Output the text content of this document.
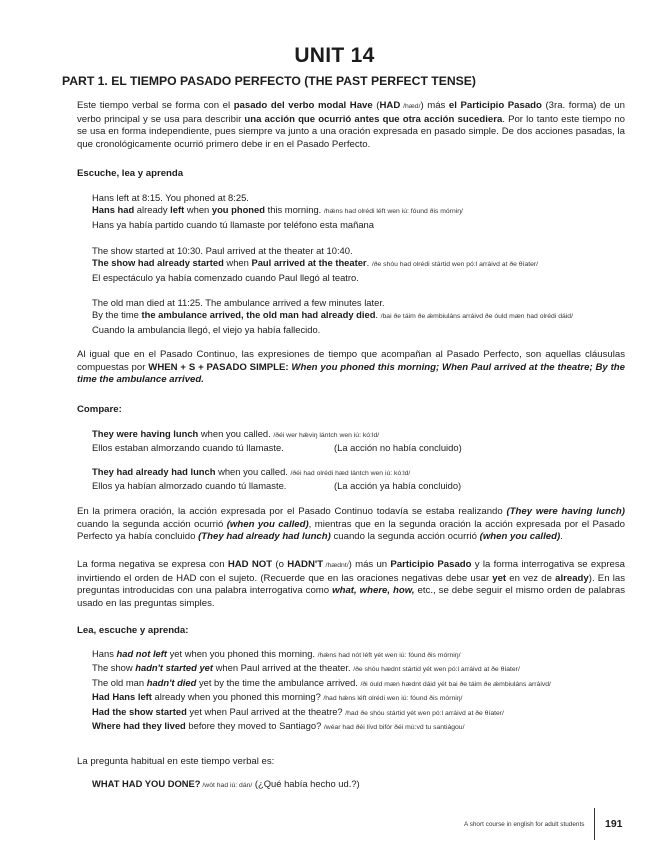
UNIT 14
PART 1. EL TIEMPO PASADO PERFECTO (THE PAST PERFECT TENSE)
Este tiempo verbal se forma con el pasado del verbo modal Have (HAD /hæd/) más el Participio Pasado (3ra. forma) de un verbo principal y se usa para describir una acción que ocurrió antes que otra acción sucediera. Por lo tanto este tiempo no se usa en forma independiente, pues siempre va junto a una oración expresada en pasado simple. De dos acciones pasadas, la que cronológicamente ocurrió primero debe ir en el Pasado Perfecto.
Escuche, lea y aprenda
Hans left at 8:15. You phoned at 8:25.
Hans had already left when you phoned this morning. /hǽns had olrédi léft wen iú: fóund ðis mórniŋ/
Hans ya había partido cuando tú llamaste por teléfono esta mañana
The show started at 10:30. Paul arrived at the theater at 10:40.
The show had already started when Paul arrived at the theater. /ðe shóu had olrédi stártid wen pó:l arráivd at ðe θíater/
El espectáculo ya había comenzado cuando Paul llegó al teatro.
The old man died at 11:25. The ambulance arrived a few minutes later.
By the time the ambulance arrived, the old man had already died. /bai ðe táim ðe ǽmbiuláns arráivd ðe óuld mæn had olrédi dáid/
Cuando la ambulancia llegó, el viejo ya había fallecido.
Al igual que en el Pasado Continuo, las expresiones de tiempo que acompañan al Pasado Perfecto, son aquellas cláusulas compuestas por WHEN + S + PASADO SIMPLE: When you phoned this morning; When Paul arrived at the theatre; By the time the ambulance arrived.
Compare:
They were having lunch when you called. /ðéi wer hǽviŋ lántch wen iú: kó:ld/
Ellos estaban almorzando cuando tú llamaste.	(La acción no había concluido)
They had already had lunch when you called. /ðéi had olrédi hæd lántch wen iú: kó:ld/
Ellos ya habían almorzado cuando tú llamaste.	(La acción ya había concluido)
En la primera oración, la acción expresada por el Pasado Continuo todavía se estaba realizando (They were having lunch) cuando la segunda acción ocurrió (when you called), mientras que en la segunda oración la acción expresada por el Pasado Perfecto ya había concluido (They had already had lunch) cuando la segunda acción ocurrió (when you called).
La forma negativa se expresa con HAD NOT (o HADN'T /hædnt/) más un Participio Pasado y la forma interrogativa se expresa invirtiendo el orden de HAD con el sujeto. (Recuerde que en las oraciones negativas debe usar yet en vez de already). En las preguntas introducidas con una palabra interrogativa como what, where, how, etc., se debe seguir el mismo orden de palabras usado en las preguntas simples.
Lea, escuche y aprenda:
Hans had not left yet when you phoned this morning. /hǽns had nót léft yét wen iú: fóund ðis mórniŋ/
The show hadn't started yet when Paul arrived at the theater. /ðe shóu hædnt stártid yét wen pó:l arráivd at ðe θíater/
The old man hadn't died yet by the time the ambulance arrived. /ði óuld mæn hædnt dáid yét bai ðe táim ðe ǽmbiuláns arráivd/
Had Hans left already when you phoned this morning? /had hǽns léft olrédi wen iú: fóund ðis mórniŋ/
Had the show started yet when Paul arrived at the theatre? /had ðe shóu stártid yét wen pó:l arráivd at ðe θíater/
Where had they lived before they moved to Santiago? /wéar had ðéi lívd bifór ðéi mú:vd tu santiágou/
La pregunta habitual en este tiempo verbal es:
WHAT HAD YOU DONE? /wót had iú: dán/ (¿Qué había hecho ud.?)
A short course in english for adult students 191
